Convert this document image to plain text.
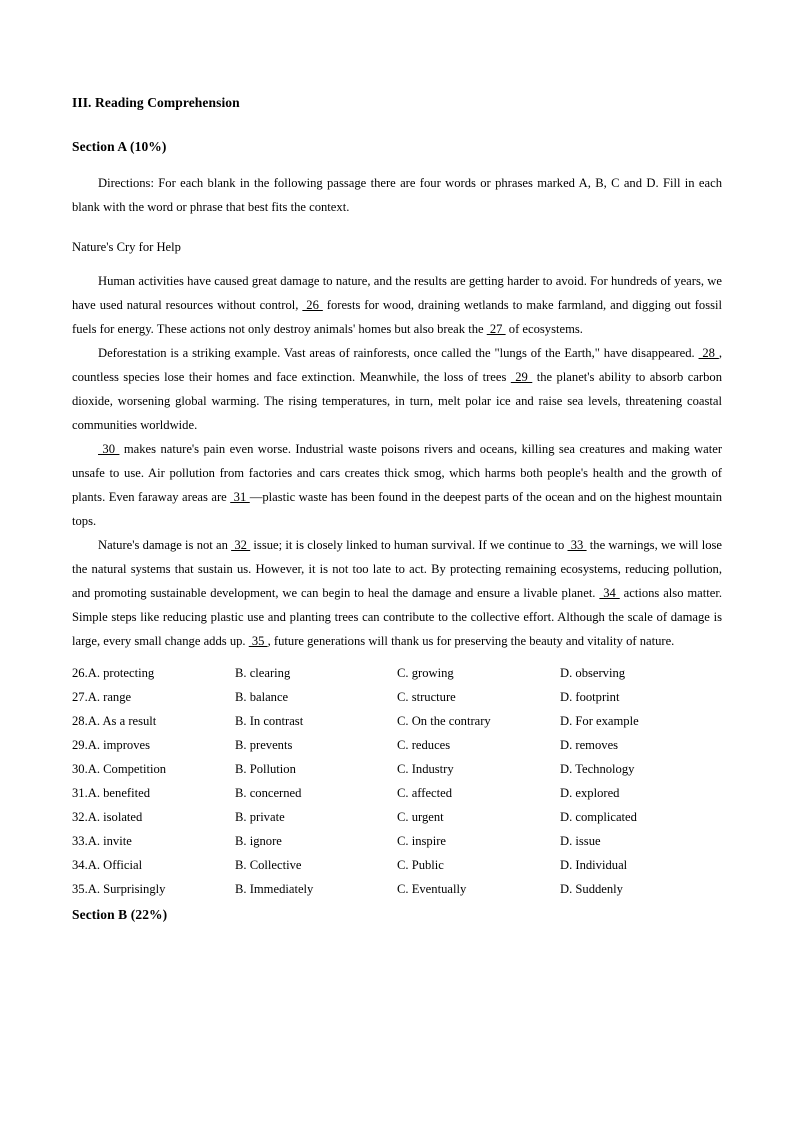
III. Reading Comprehension
Section A (10%)

Directions: For each blank in the following passage there are four words or phrases marked A, B, C and D. Fill in each blank with the word or phrase that best fits the context.

Nature's Cry for Help

Human activities have caused great damage to nature, and the results are getting harder to avoid. For hundreds of years, we have used natural resources without control,  26  forests for wood, draining wetlands to make farmland, and digging out fossil fuels for energy. These actions not only destroy animals' homes but also break the  27  of ecosystems.

Deforestation is a striking example. Vast areas of rainforests, once called the "lungs of the Earth," have disappeared.  28 , countless species lose their homes and face extinction. Meanwhile, the loss of trees  29  the planet's ability to absorb carbon dioxide, worsening global warming. The rising temperatures, in turn, melt polar ice and raise sea levels, threatening coastal communities worldwide.

30  makes nature's pain even worse. Industrial waste poisons rivers and oceans, killing sea creatures and making water unsafe to use. Air pollution from factories and cars creates thick smog, which harms both people's health and the growth of plants. Even faraway areas are  31 —plastic waste has been found in the deepest parts of the ocean and on the highest mountain tops.

Nature's damage is not an  32  issue; it is closely linked to human survival. If we continue to  33  the warnings, we will lose the natural systems that sustain us. However, it is not too late to act. By protecting remaining ecosystems, reducing pollution, and promoting sustainable development, we can begin to heal the damage and ensure a livable planet.  34  actions also matter. Simple steps like reducing plastic use and planting trees can contribute to the collective effort. Although the scale of damage is large, every small change adds up.  35 , future generations will thank us for preserving the beauty and vitality of nature.

26.A. protecting	B. clearing	C. growing	D. observing
27.A. range	B. balance	C. structure	D. footprint
28.A. As a result	B. In contrast	C. On the contrary	D. For example
29.A. improves	B. prevents	C. reduces	D. removes
30.A. Competition	B. Pollution	C. Industry	D. Technology
31.A. benefited	B. concerned	C. affected	D. explored
32.A. isolated	B. private	C. urgent	D. complicated
33.A. invite	B. ignore	C. inspire	D. issue
34.A. Official	B. Collective	C. Public	D. Individual
35.A. Surprisingly	B. Immediately	C. Eventually	D. Suddenly
Section B (22%)
